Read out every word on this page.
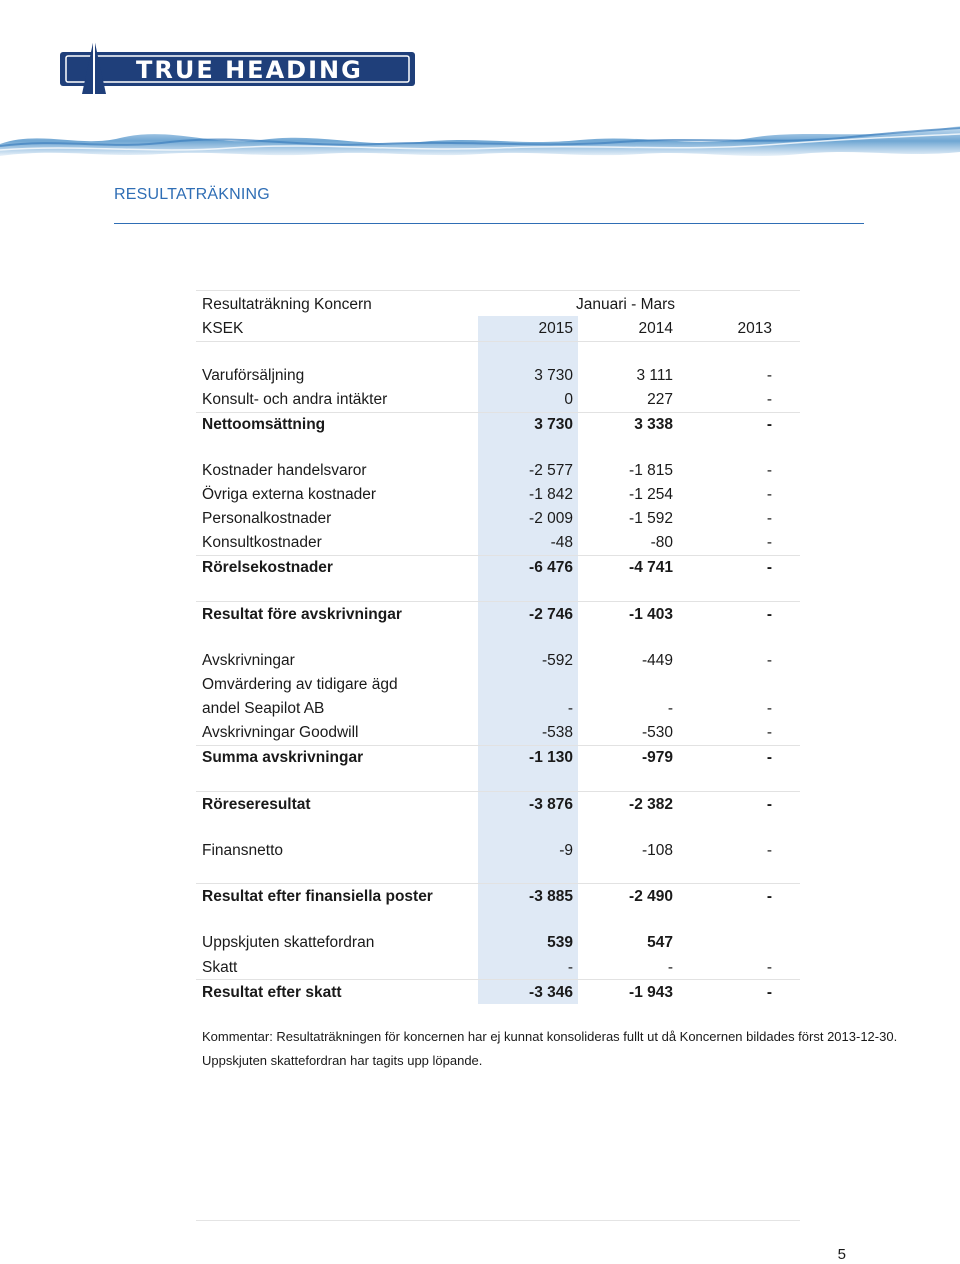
TRUE HEADING
RESULTATRÄKNING
Resultaträkning Koncern	Januari - Mars
KSEK	2015	2014	2013
Varuförsäljning	3 730	3 111	-
Konsult- och andra intäkter	0	227	-
Nettoomsättning	3 730	3 338	-
Kostnader handelsvaror	-2 577	-1 815	-
Övriga externa kostnader	-1 842	-1 254	-
Personalkostnader	-2 009	-1 592	-
Konsultkostnader	-48	-80	-
Rörelsekostnader	-6 476	-4 741	-
Resultat före avskrivningar	-2 746	-1 403	-
Avskrivningar	-592	-449	-
Omvärdering av tidigare ägd
andel Seapilot AB	-	-	-
Avskrivningar Goodwill	-538	-530	-
Summa avskrivningar	-1 130	-979	-
Röreseresultat	-3 876	-2 382	-
Finansnetto	-9	-108	-
Resultat efter finansiella poster	-3 885	-2 490	-
Uppskjuten skattefordran	539	547
Skatt	-	-	-
Resultat efter skatt	-3 346	-1 943	-
Kommentar: Resultaträkningen för koncernen har ej kunnat konsolideras fullt ut då Koncernen bildades först 2013-12-30.
Uppskjuten skattefordran har tagits upp löpande.
5
